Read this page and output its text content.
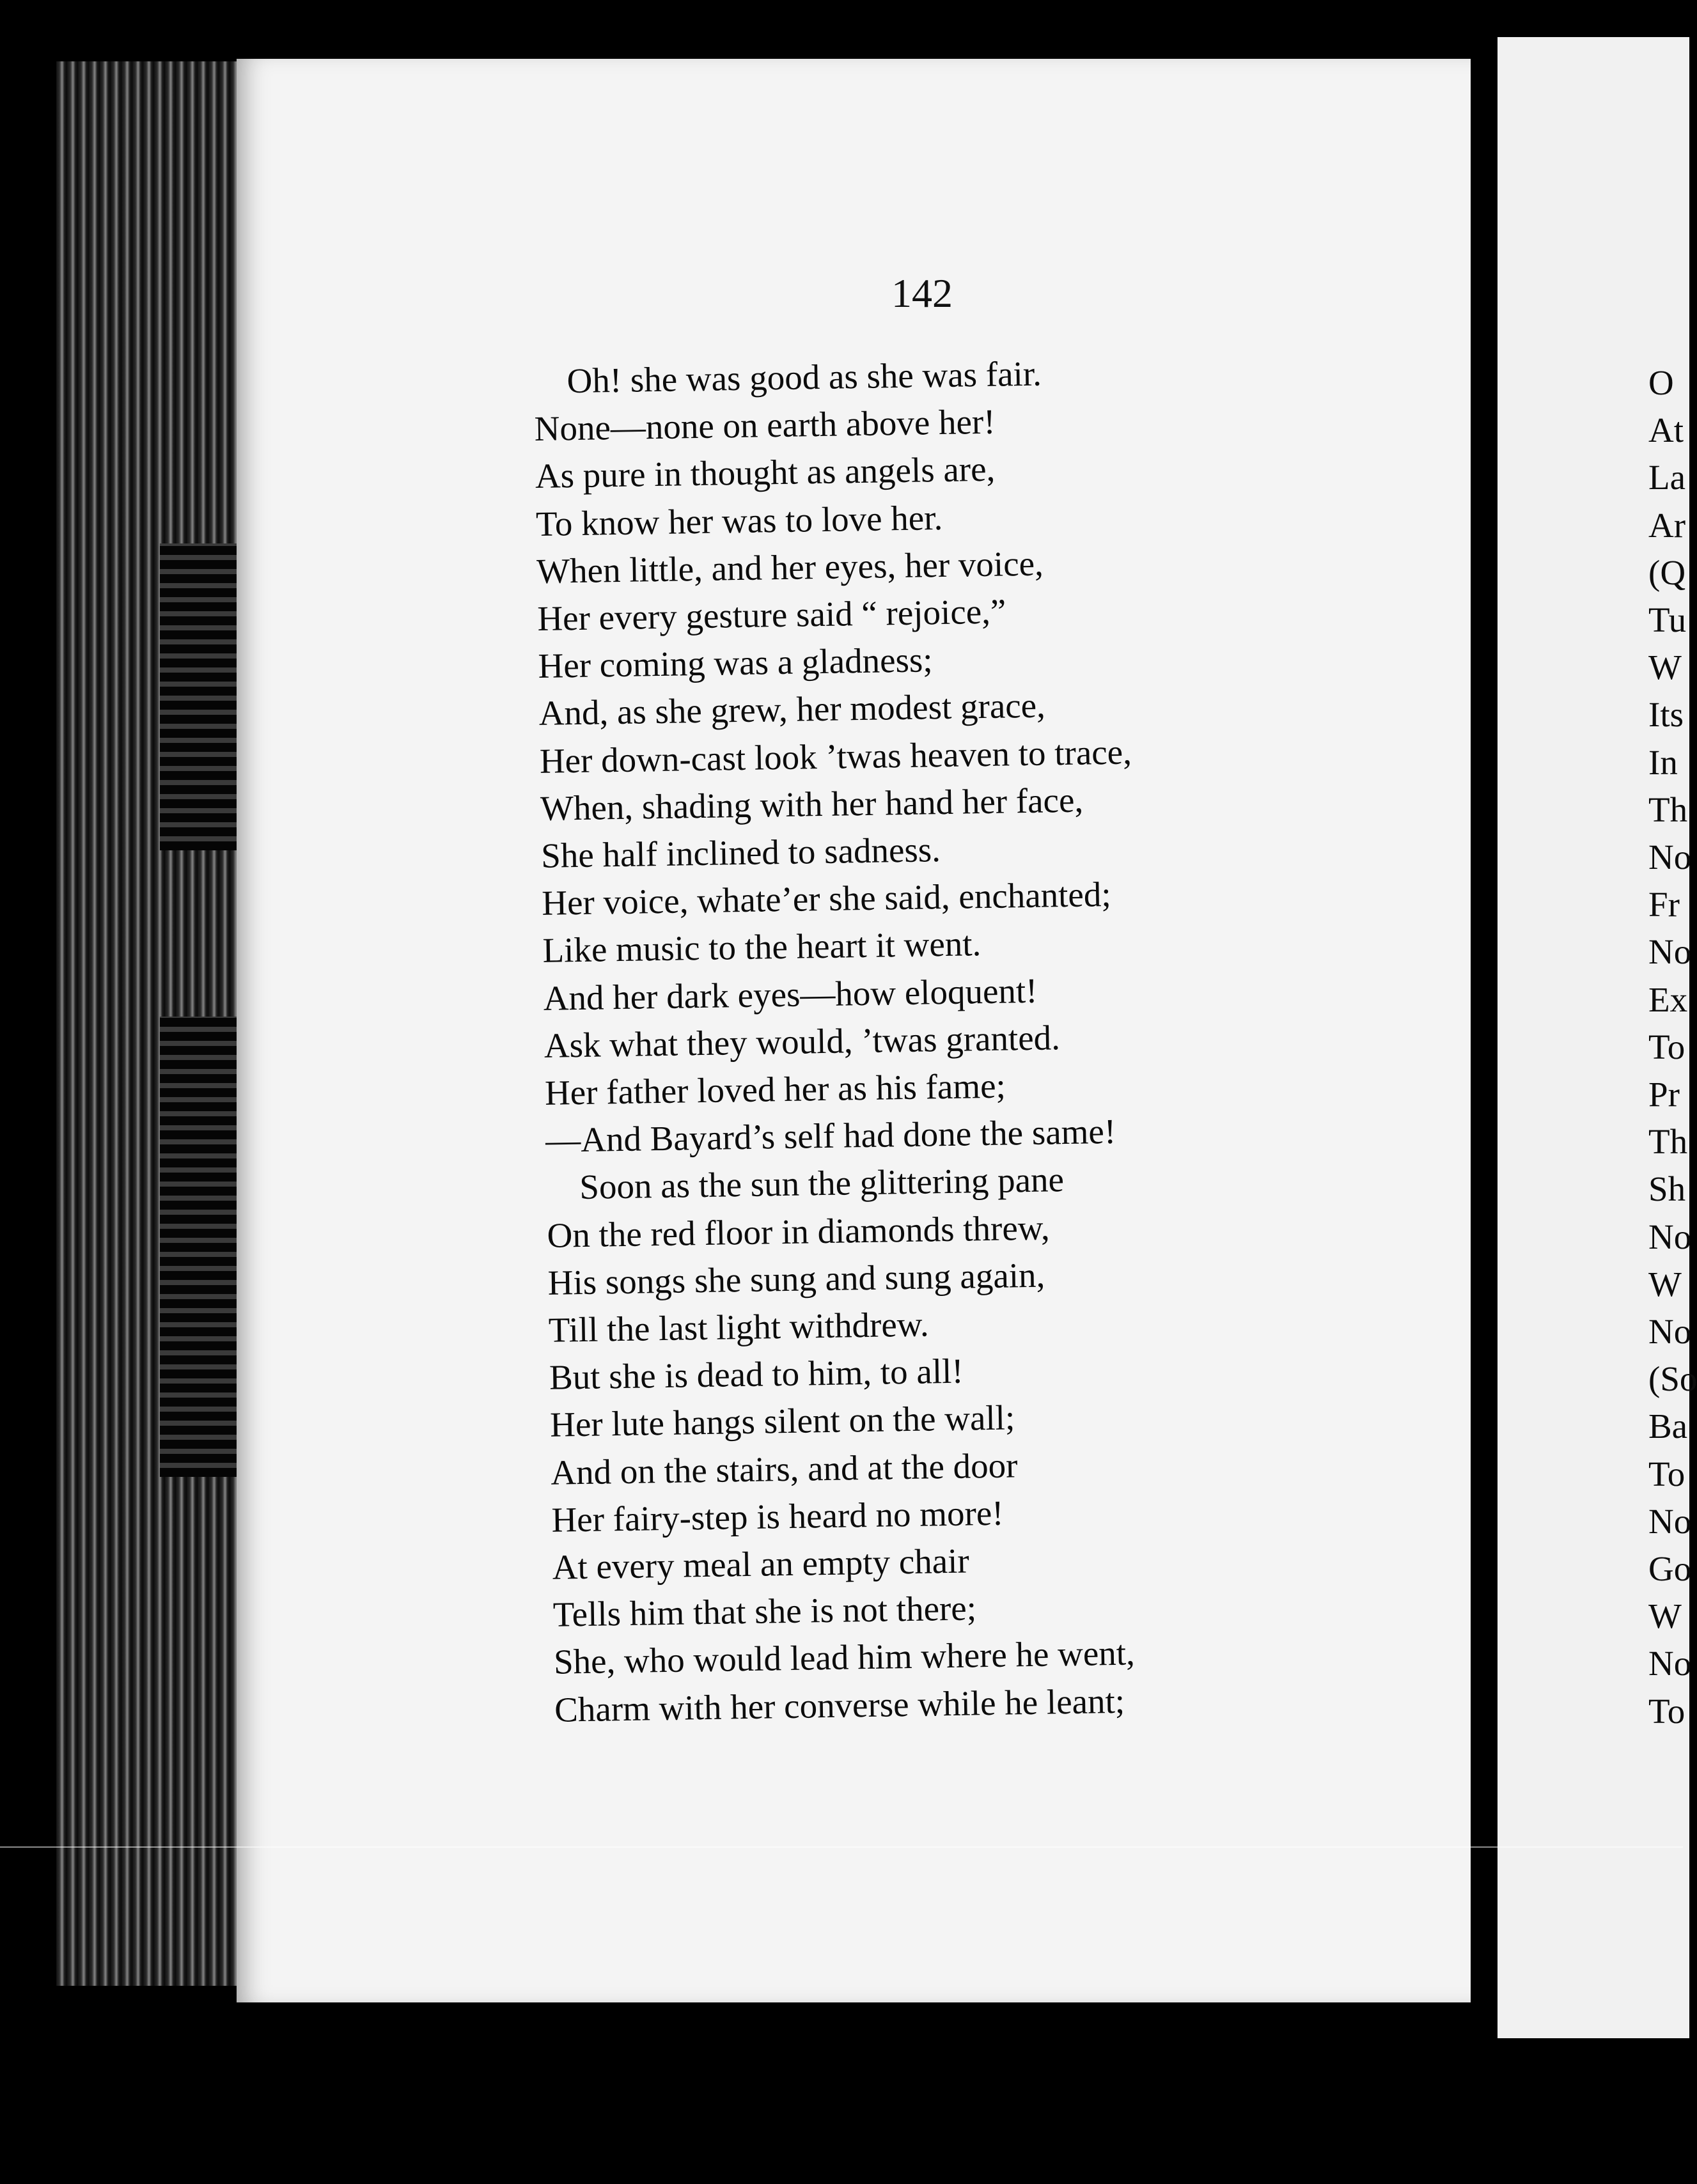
142
Oh! she was good as she was fair.
None—none on earth above her!
As pure in thought as angels are,
To know her was to love her.
When little, and her eyes, her voice,
Her every gesture said “ rejoice,”
Her coming was a gladness;
And, as she grew, her modest grace,
Her down-cast look ’twas heaven to trace,
When, shading with her hand her face,
She half inclined to sadness.
Her voice, whate’er she said, enchanted;
Like music to the heart it went.
And her dark eyes—how eloquent!
Ask what they would, ’twas granted.
Her father loved her as his fame;
—And Bayard’s self had done the same!
Soon as the sun the glittering pane
On the red floor in diamonds threw,
His songs she sung and sung again,
Till the last light withdrew.
But she is dead to him, to all!
Her lute hangs silent on the wall;
And on the stairs, and at the door
Her fairy-step is heard no more!
At every meal an empty chair
Tells him that she is not there;
She, who would lead him where he went,
Charm with her converse while he leant;
O
At
La
Ar
(Q
Tu
W
Its
In
Th
No
Fr
No
Ex
To
Pr
Th
Sh
No
W
No
(So
Ba
To
No
Go
W
No
To
